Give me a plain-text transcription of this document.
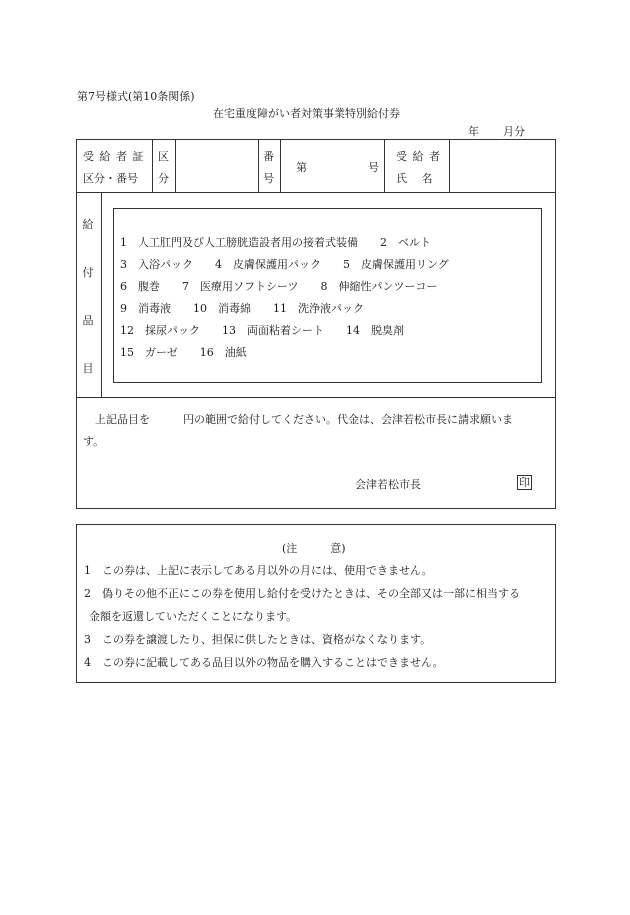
第7号様式(第10条関係)
在宅重度障がい者対策事業特別給付券
年 月分
受 給 者 証
区分・番号
区
分
番
号
第	号
受 給 者
氏　 名
給
付
品
目
1　人工肛門及び人工膀胱造設者用の接着式装備　　2　ベルト
3　入浴パック　　4　皮膚保護用パック　　5　皮膚保護用リング
6　腹巻　　7　医療用ソフトシーツ　　8　伸縮性パンツーコー
9　消毒液　　10　消毒綿　　11　洗浄液パック
12　採尿パック　　13　両面粘着シート　　14　脱臭剤
15　ガーゼ　　16　油紙
上記品目を　　　円の範囲で給付してください。代金は、会津若松市長に請求願いま
す。
会津若松市長	印
(注　　　意)
1　この券は、上記に表示してある月以外の月には、使用できません。
2　偽りその他不正にこの券を使用し給付を受けたときは、その全部又は一部に相当する
金額を返還していただくことになります。
3　この券を譲渡したり、担保に供したときは、資格がなくなります。
4　この券に記載してある品目以外の物品を購入することはできません。
